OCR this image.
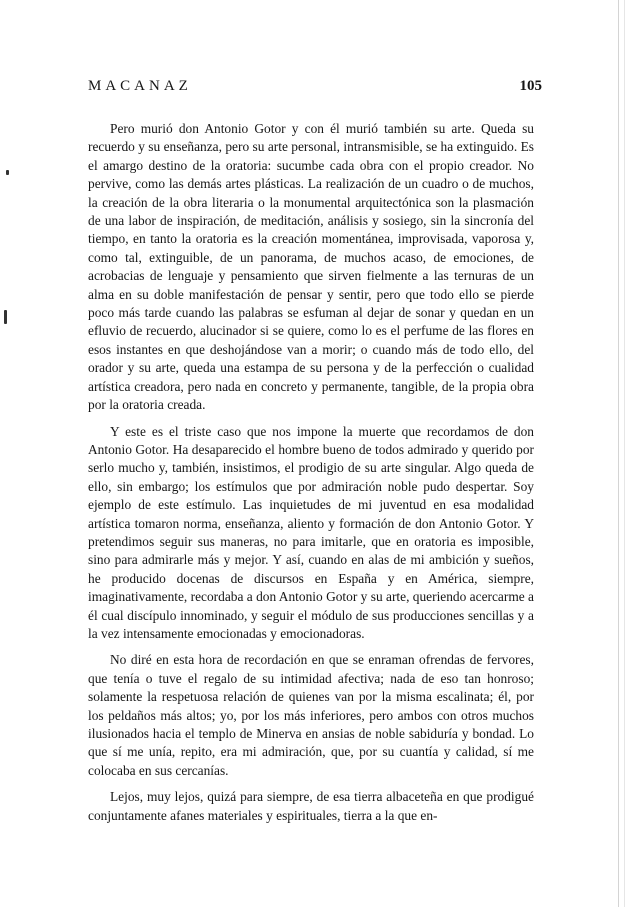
MACANAZ	105

Pero murió don Antonio Gotor y con él murió también su arte. Queda su recuerdo y su enseñanza, pero su arte personal, intransmisible, se ha extinguido. Es el amargo destino de la oratoria: sucumbe cada obra con el propio creador. No pervive, como las demás artes plásticas. La realización de un cuadro o de muchos, la creación de la obra literaria o la monumental arquitectónica son la plasmación de una labor de inspiración, de meditación, análisis y sosiego, sin la sincronía del tiempo, en tanto la oratoria es la creación momentánea, improvisada, vaporosa y, como tal, extinguible, de un panorama, de muchos acaso, de emociones, de acrobacias de lenguaje y pensamiento que sirven fielmente a las ternuras de un alma en su doble manifestación de pensar y sentir, pero que todo ello se pierde poco más tarde cuando las palabras se esfuman al dejar de sonar y quedan en un efluvio de recuerdo, alucinador si se quiere, como lo es el perfume de las flores en esos instantes en que deshojándose van a morir; o cuando más de todo ello, del orador y su arte, queda una estampa de su persona y de la perfección o cualidad artística creadora, pero nada en concreto y permanente, tangible, de la propia obra por la oratoria creada.

Y este es el triste caso que nos impone la muerte que recordamos de don Antonio Gotor. Ha desaparecido el hombre bueno de todos admirado y querido por serlo mucho y, también, insistimos, el prodigio de su arte singular. Algo queda de ello, sin embargo; los estímulos que por admiración noble pudo despertar. Soy ejemplo de este estímulo. Las inquietudes de mi juventud en esa modalidad artística tomaron norma, enseñanza, aliento y formación de don Antonio Gotor. Y pretendimos seguir sus maneras, no para imitarle, que en oratoria es imposible, sino para admirarle más y mejor. Y así, cuando en alas de mi ambición y sueños, he producido docenas de discursos en España y en América, siempre, imaginativamente, recordaba a don Antonio Gotor y su arte, queriendo acercarme a él cual discípulo innominado, y seguir el módulo de sus producciones sencillas y a la vez intensamente emocionadas y emocionadoras.

No diré en esta hora de recordación en que se enraman ofrendas de fervores, que tenía o tuve el regalo de su intimidad afectiva; nada de eso tan honroso; solamente la respetuosa relación de quienes van por la misma escalinata; él, por los peldaños más altos; yo, por los más inferiores, pero ambos con otros muchos ilusionados hacia el templo de Minerva en ansias de noble sabiduría y bondad. Lo que sí me unía, repito, era mi admiración, que, por su cuantía y calidad, sí me colocaba en sus cercanías.

Lejos, muy lejos, quizá para siempre, de esa tierra albaceteña en que prodigué conjuntamente afanes materiales y espirituales, tierra a la que en-
